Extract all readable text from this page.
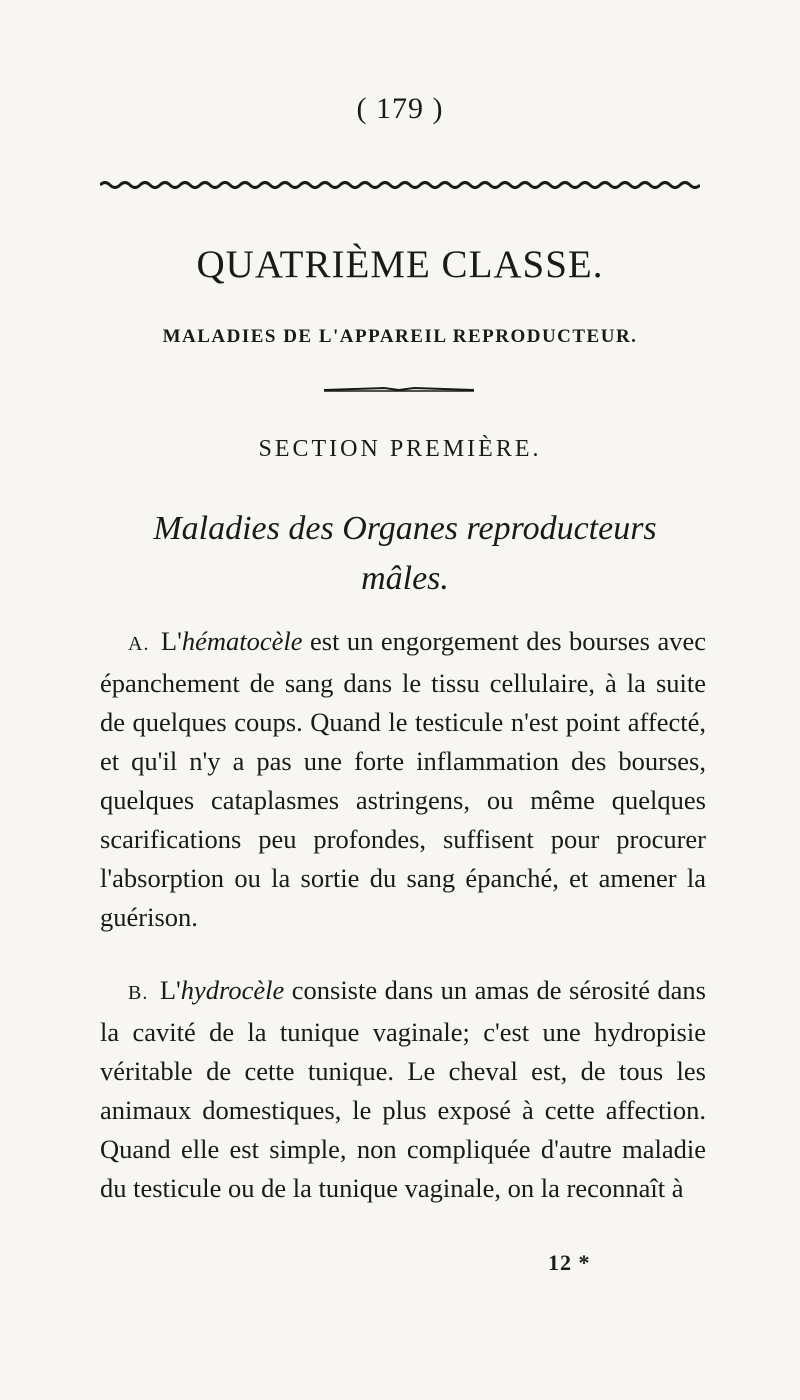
( 179 )
QUATRIÈME CLASSE.
MALADIES DE L'APPAREIL REPRODUCTEUR.
SECTION PREMIÈRE.
Maladies des Organes reproducteurs mâles.
A. L'hématocèle est un engorgement des bourses avec épanchement de sang dans le tissu cellulaire, à la suite de quelques coups. Quand le testicule n'est point affecté, et qu'il n'y a pas une forte inflammation des bourses, quelques cataplasmes astringens, ou même quelques scarifications peu profondes, suffisent pour procurer l'absorption ou la sortie du sang épanché, et amener la guérison.
B. L'hydrocèle consiste dans un amas de sérosité dans la cavité de la tunique vaginale; c'est une hydropisie véritable de cette tunique. Le cheval est, de tous les animaux domestiques, le plus exposé à cette affection. Quand elle est simple, non compliquée d'autre maladie du testicule ou de la tunique vaginale, on la reconnaît à
12 *
